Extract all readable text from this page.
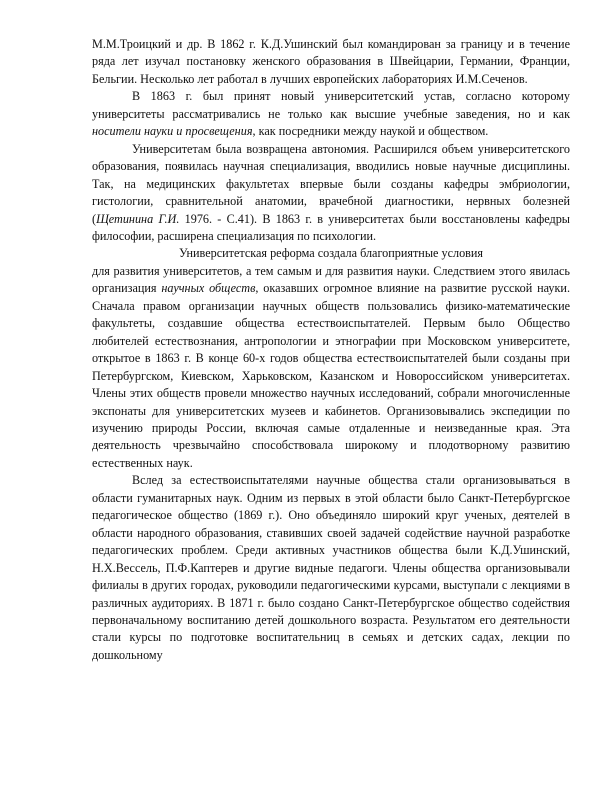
М.М.Троицкий и др. В 1862 г. К.Д.Ушинский был командирован за границу и в течение ряда лет изучал постановку женского образования в Швейцарии, Германии, Франции, Бельгии. Несколько лет работал в лучших европейских лабораториях И.М.Сеченов.

В 1863 г. был принят новый университетский устав, согласно которому университеты рассматривались не только как высшие учебные заведения, но и как носители науки и просвещения, как посредники между наукой и обществом.

Университетам была возвращена автономия. Расширился объем университетского образования, появилась научная специализация, вводились новые научные дисциплины. Так, на медицинских факультетах впервые были созданы кафедры эмбриологии, гистологии, сравнительной анатомии, врачебной диагностики, нервных болезней (Щетинина Г.И. 1976. - С.41). В 1863 г. в университетах были восстановлены кафедры философии, расширена специализация по психологии.

Университетская реформа создала благоприятные условия

для развития университетов, а тем самым и для развития науки. Следствием этого явилась организация научных обществ, оказавших огромное влияние на развитие русской науки. Сначала правом организации научных обществ пользовались физико-математические факультеты, создавшие общества естествоиспытателей. Первым было Общество любителей естествознания, антропологии и этнографии при Московском университете, открытое в 1863 г. В конце 60-х годов общества естествоиспытателей были созданы при Петербургском, Киевском, Харьковском, Казанском и Новороссийском университетах. Члены этих обществ провели множество научных исследований, собрали многочисленные экспонаты для университетских музеев и кабинетов. Организовывались экспедиции по изучению природы России, включая самые отдаленные и неизведанные края. Эта деятельность чрезвычайно способствовала широкому и плодотворному развитию естественных наук.

Вслед за естествоиспытателями научные общества стали организовываться в области гуманитарных наук. Одним из первых в этой области было Санкт-Петербургское педагогическое общество (1869 г.). Оно объединяло широкий круг ученых, деятелей в области народного образования, ставивших своей задачей содействие научной разработке педагогических проблем. Среди активных участников общества были К.Д.Ушинский, Н.Х.Вессель, П.Ф.Каптерев и другие видные педагоги. Члены общества организовывали филиалы в других городах, руководили педагогическими курсами, выступали с лекциями в различных аудиториях. В 1871 г. было создано Санкт-Петербургское общество содействия первоначальному воспитанию детей дошкольного возраста. Результатом его деятельности стали курсы по подготовке воспитательниц в семьях и детских садах, лекции по дошкольному
